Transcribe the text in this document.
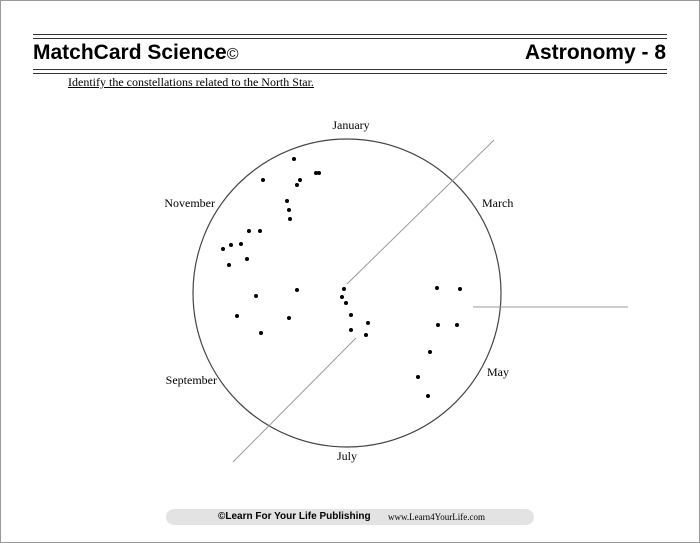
MatchCard Science©	Astronomy - 8
Identify the constellations related to the North Star.
January
March
May
July
September
November
©Learn For Your Life Publishing www.Learn4YourLife.com
